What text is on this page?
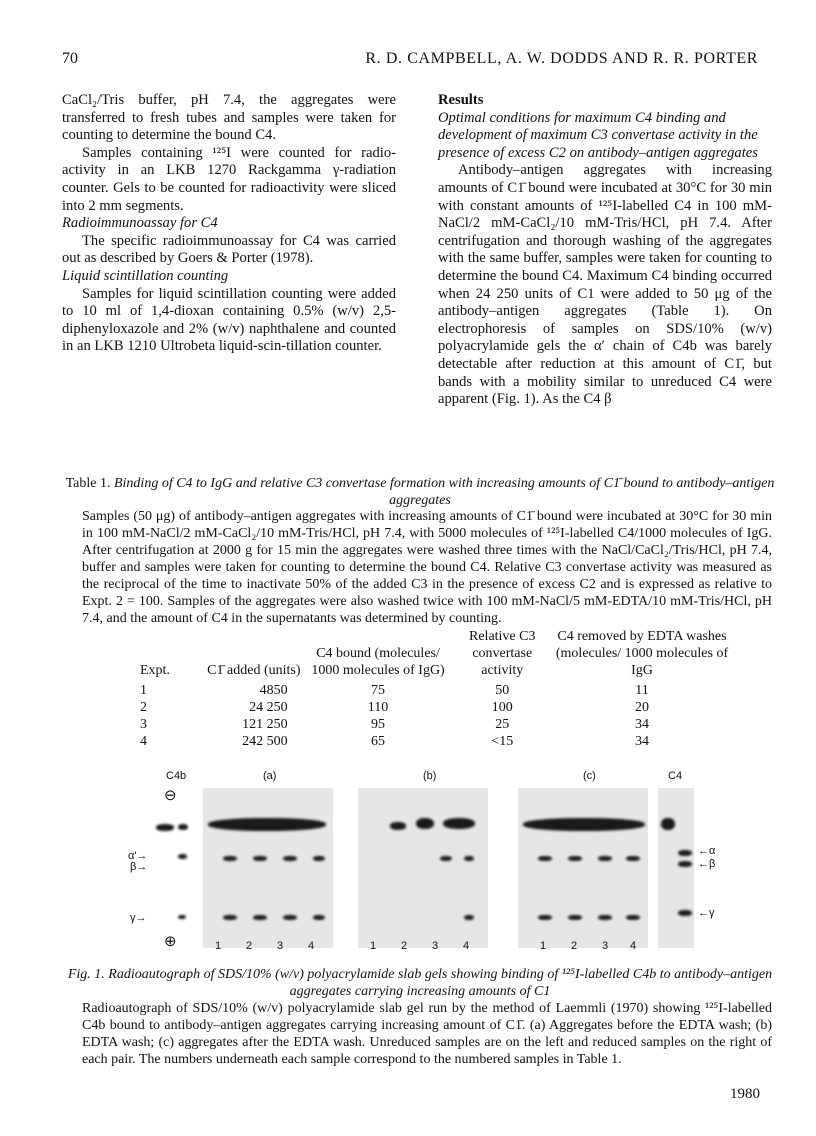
70	R. D. CAMPBELL, A. W. DODDS AND R. R. PORTER

CaCl₂/Tris buffer, pH 7.4, the aggregates were transferred to fresh tubes and samples were taken for counting to determine the bound C4.

Samples containing ¹²⁵I were counted for radio-activity in an LKB 1270 Rackgamma γ-radiation counter. Gels to be counted for radioactivity were sliced into 2 mm segments.

Radioimmunoassay for C4

The specific radioimmunoassay for C4 was carried out as described by Goers & Porter (1978).

Liquid scintillation counting

Samples for liquid scintillation counting were added to 10 ml of 1,4-dioxan containing 0.5% (w/v) 2,5-diphenyloxazole and 2% (w/v) naphthalene and counted in an LKB 1210 Ultrobeta liquid-scin-tillation counter.

Results

Optimal conditions for maximum C4 binding and development of maximum C3 convertase activity in the presence of excess C2 on antibody–antigen aggregates

Antibody–antigen aggregates with increasing amounts of C1̄ bound were incubated at 30°C for 30 min with constant amounts of ¹²⁵I-labelled C4 in 100 mM-NaCl/2 mM-CaCl₂/10 mM-Tris/HCl, pH 7.4. After centrifugation and thorough washing of the aggregates with the same buffer, samples were taken for counting to determine the bound C4. Maximum C4 binding occurred when 24 250 units of C1 were added to 50 μg of the antibody–antigen aggregates (Table 1). On electrophoresis of samples on SDS/10% (w/v) polyacrylamide gels the α′ chain of C4b was barely detectable after reduction at this amount of C1̄, but bands with a mobility similar to unreduced C4 were apparent (Fig. 1). As the C4 β

Table 1. Binding of C4 to IgG and relative C3 convertase formation with increasing amounts of C1̄ bound to antibody–antigen aggregates
Samples (50 μg) of antibody–antigen aggregates with increasing amounts of C1̄ bound were incubated at 30°C for 30 min in 100 mM-NaCl/2 mM-CaCl₂/10 mM-Tris/HCl, pH 7.4, with 5000 molecules of ¹²⁵I-labelled C4/1000 molecules of IgG. After centrifugation at 2000 g for 15 min the aggregates were washed three times with the NaCl/CaCl₂/Tris/HCl, pH 7.4, buffer and samples were taken for counting to determine the bound C4. Relative C3 convertase activity was measured as the reciprocal of the time to inactivate 50% of the added C3 in the presence of excess C2 and is expressed as relative to Expt. 2 = 100. Samples of the aggregates were also washed twice with 100 mM-NaCl/5 mM-EDTA/10 mM-Tris/HCl, pH 7.4, and the amount of C4 in the supernatants was determined by counting.
Expt.	C1̄ added (units)	C4 bound (molecules/ 1000 molecules of IgG)	Relative C3 convertase activity	C4 removed by EDTA washes (molecules/ 1000 molecules of IgG
1	4850	75	50	11
2	24 250	110	100	20
3	121 250	95	25	34
4	242 500	65	<15	34
C4b	(a)	(b)	(c)	C4
⊖
⊕
α′→
β→
γ→
←α
←β
←γ
1 2 3 4	1 2 3 4	1 2 3 4
Fig. 1. Radioautograph of SDS/10% (w/v) polyacrylamide slab gels showing binding of ¹²⁵I-labelled C4b to antibody–antigen aggregates carrying increasing amounts of C1
Radioautograph of SDS/10% (w/v) polyacrylamide slab gel run by the method of Laemmli (1970) showing ¹²⁵I-labelled C4b bound to antibody–antigen aggregates carrying increasing amount of C1̄. (a) Aggregates before the EDTA wash; (b) EDTA wash; (c) aggregates after the EDTA wash. Unreduced samples are on the left and reduced samples on the right of each pair. The numbers underneath each sample correspond to the numbered samples in Table 1.
1980
